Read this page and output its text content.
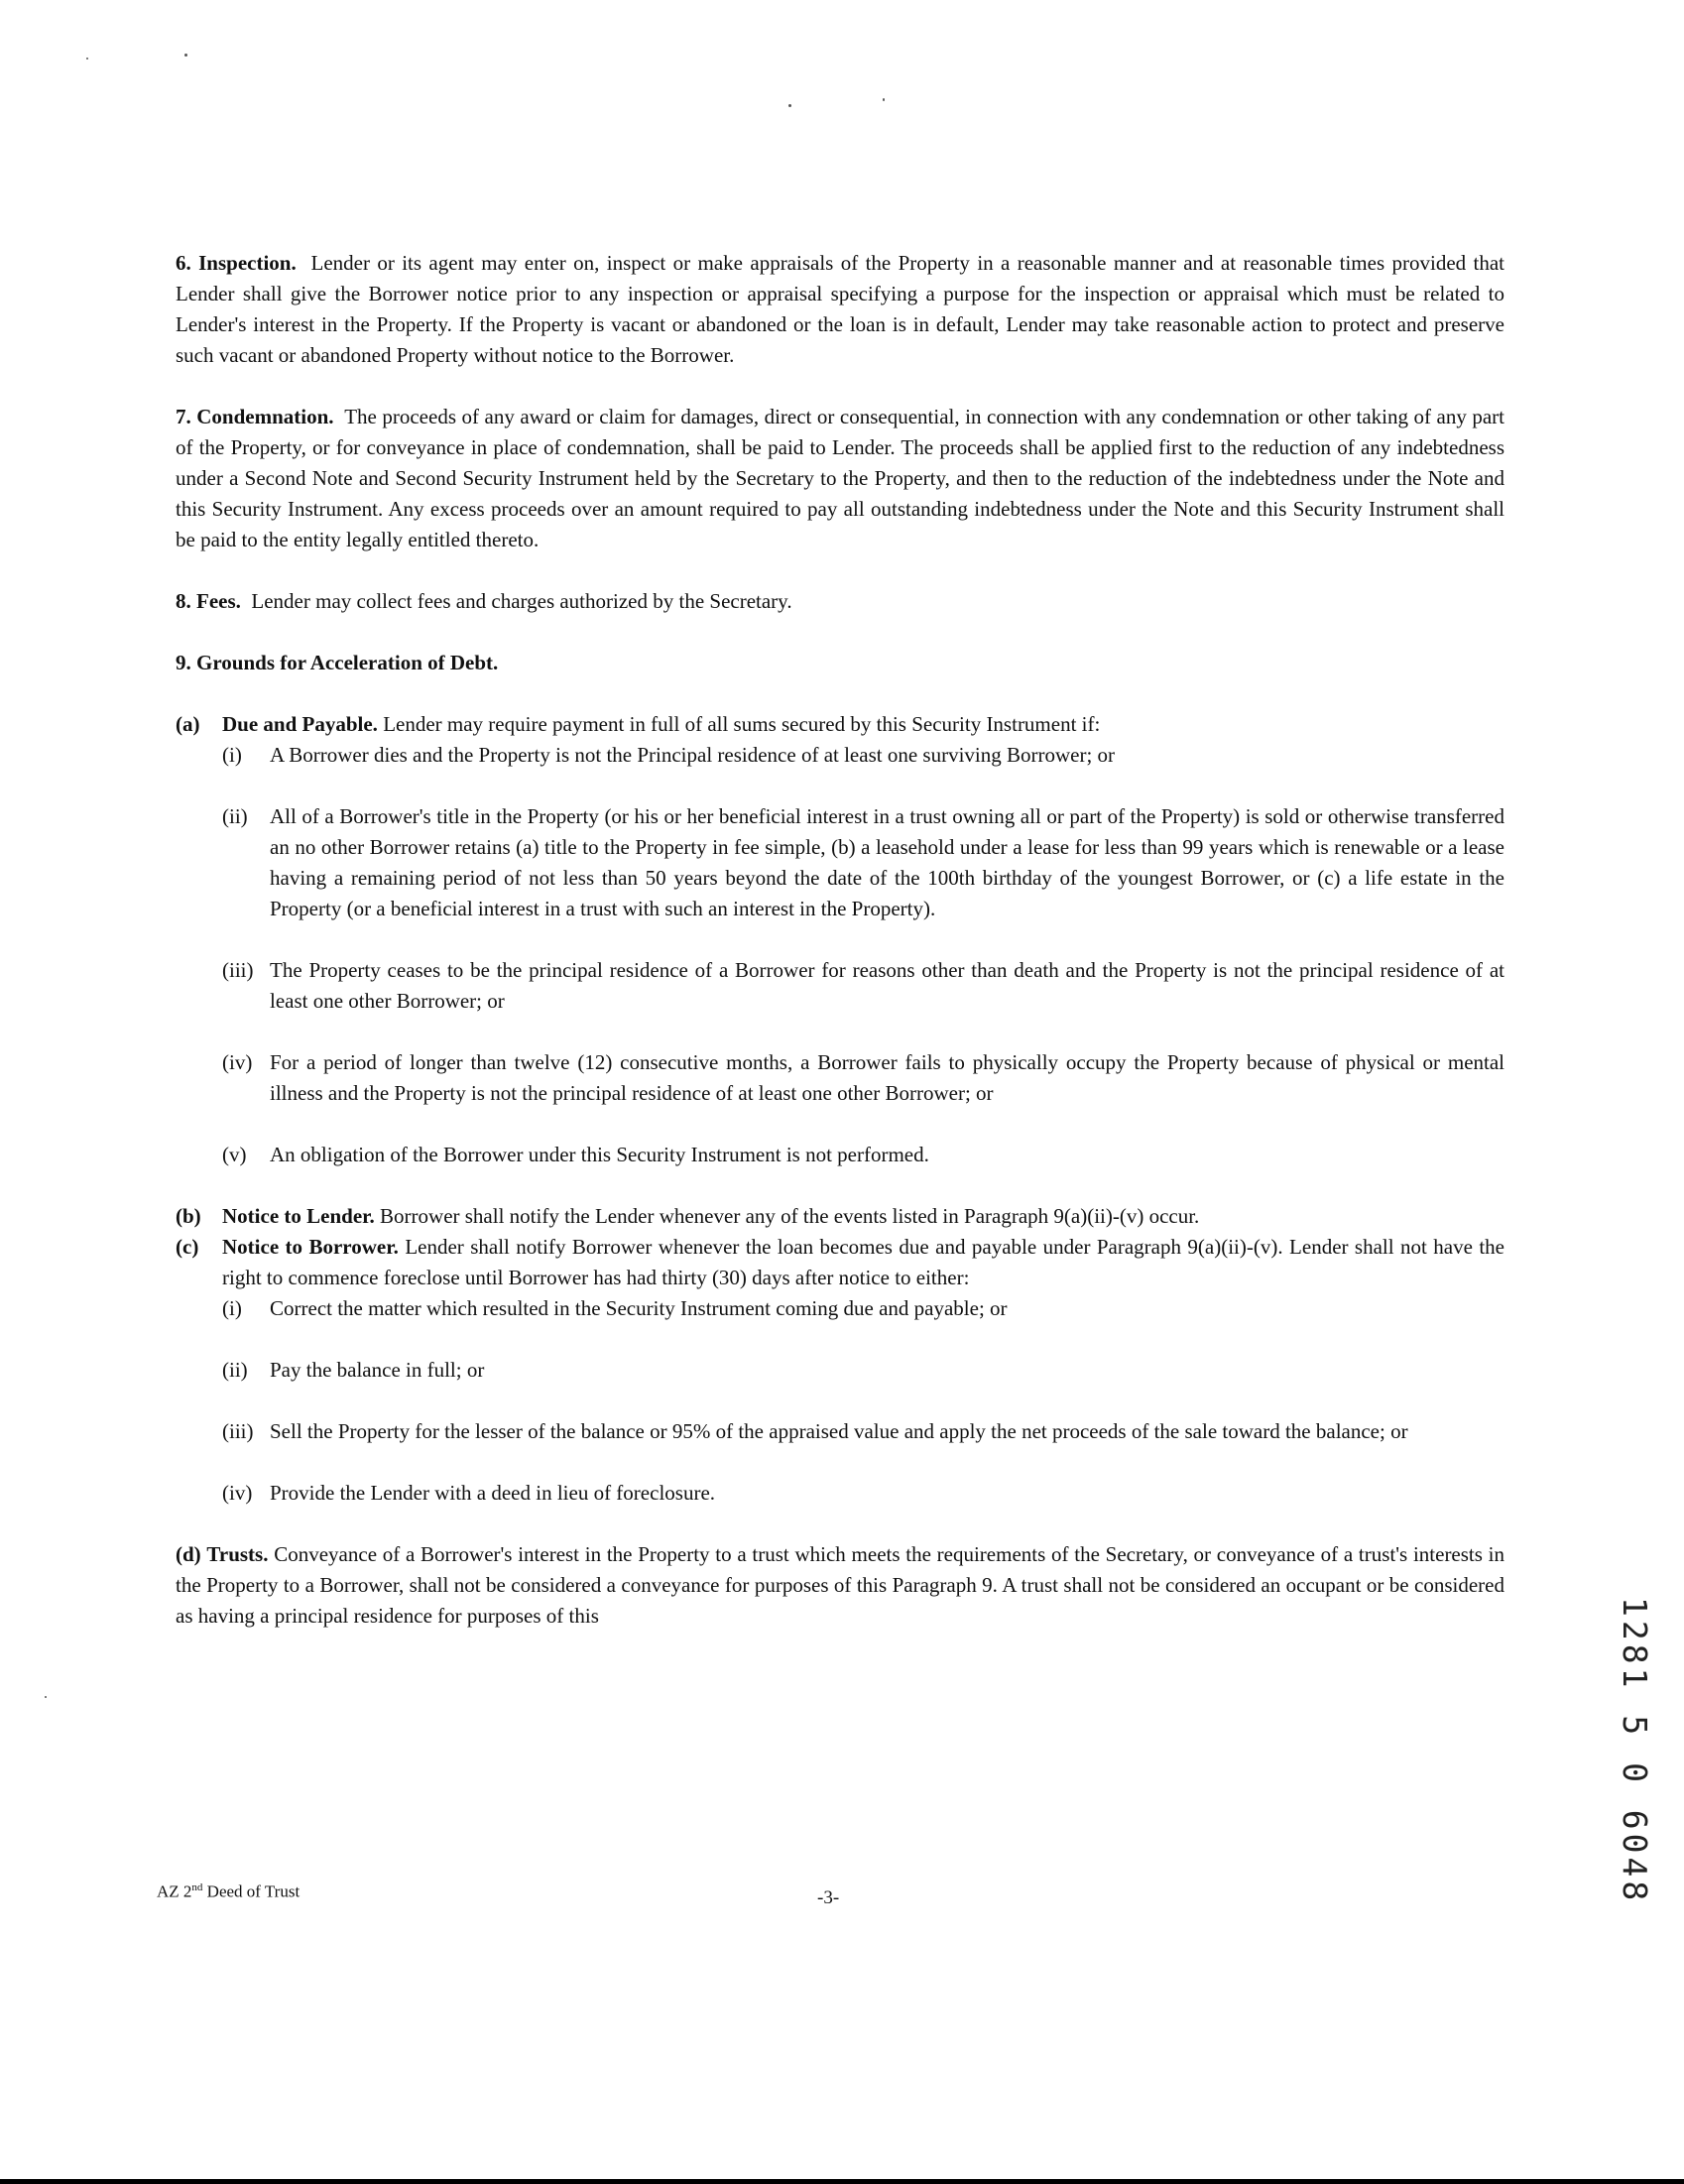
6. Inspection. Lender or its agent may enter on, inspect or make appraisals of the Property in a reasonable manner and at reasonable times provided that Lender shall give the Borrower notice prior to any inspection or appraisal specifying a purpose for the inspection or appraisal which must be related to Lender's interest in the Property. If the Property is vacant or abandoned or the loan is in default, Lender may take reasonable action to protect and preserve such vacant or abandoned Property without notice to the Borrower.

7. Condemnation. The proceeds of any award or claim for damages, direct or consequential, in connection with any condemnation or other taking of any part of the Property, or for conveyance in place of condemnation, shall be paid to Lender. The proceeds shall be applied first to the reduction of any indebtedness under a Second Note and Second Security Instrument held by the Secretary to the Property, and then to the reduction of the indebtedness under the Note and this Security Instrument. Any excess proceeds over an amount required to pay all outstanding indebtedness under the Note and this Security Instrument shall be paid to the entity legally entitled thereto.

8. Fees. Lender may collect fees and charges authorized by the Secretary.

9. Grounds for Acceleration of Debt.

(a) Due and Payable. Lender may require payment in full of all sums secured by this Security Instrument if:
(i) A Borrower dies and the Property is not the Principal residence of at least one surviving Borrower; or
(ii) All of a Borrower's title in the Property (or his or her beneficial interest in a trust owning all or part of the Property) is sold or otherwise transferred an no other Borrower retains (a) title to the Property in fee simple, (b) a leasehold under a lease for less than 99 years which is renewable or a lease having a remaining period of not less than 50 years beyond the date of the 100th birthday of the youngest Borrower, or (c) a life estate in the Property (or a beneficial interest in a trust with such an interest in the Property).
(iii) The Property ceases to be the principal residence of a Borrower for reasons other than death and the Property is not the principal residence of at least one other Borrower; or
(iv) For a period of longer than twelve (12) consecutive months, a Borrower fails to physically occupy the Property because of physical or mental illness and the Property is not the principal residence of at least one other Borrower; or
(v) An obligation of the Borrower under this Security Instrument is not performed.
(b) Notice to Lender. Borrower shall notify the Lender whenever any of the events listed in Paragraph 9(a)(ii)-(v) occur.
(c) Notice to Borrower. Lender shall notify Borrower whenever the loan becomes due and payable under Paragraph 9(a)(ii)-(v). Lender shall not have the right to commence foreclose until Borrower has had thirty (30) days after notice to either:
(i) Correct the matter which resulted in the Security Instrument coming due and payable; or
(ii) Pay the balance in full; or
(iii) Sell the Property for the lesser of the balance or 95% of the appraised value and apply the net proceeds of the sale toward the balance; or
(iv) Provide the Lender with a deed in lieu of foreclosure.

(d) Trusts. Conveyance of a Borrower's interest in the Property to a trust which meets the requirements of the Secretary, or conveyance of a trust's interests in the Property to a Borrower, shall not be considered a conveyance for purposes of this Paragraph 9. A trust shall not be considered an occupant or be considered as having a principal residence for purposes of this

AZ 2nd Deed of Trust	-3-	1281 5 0 6048
